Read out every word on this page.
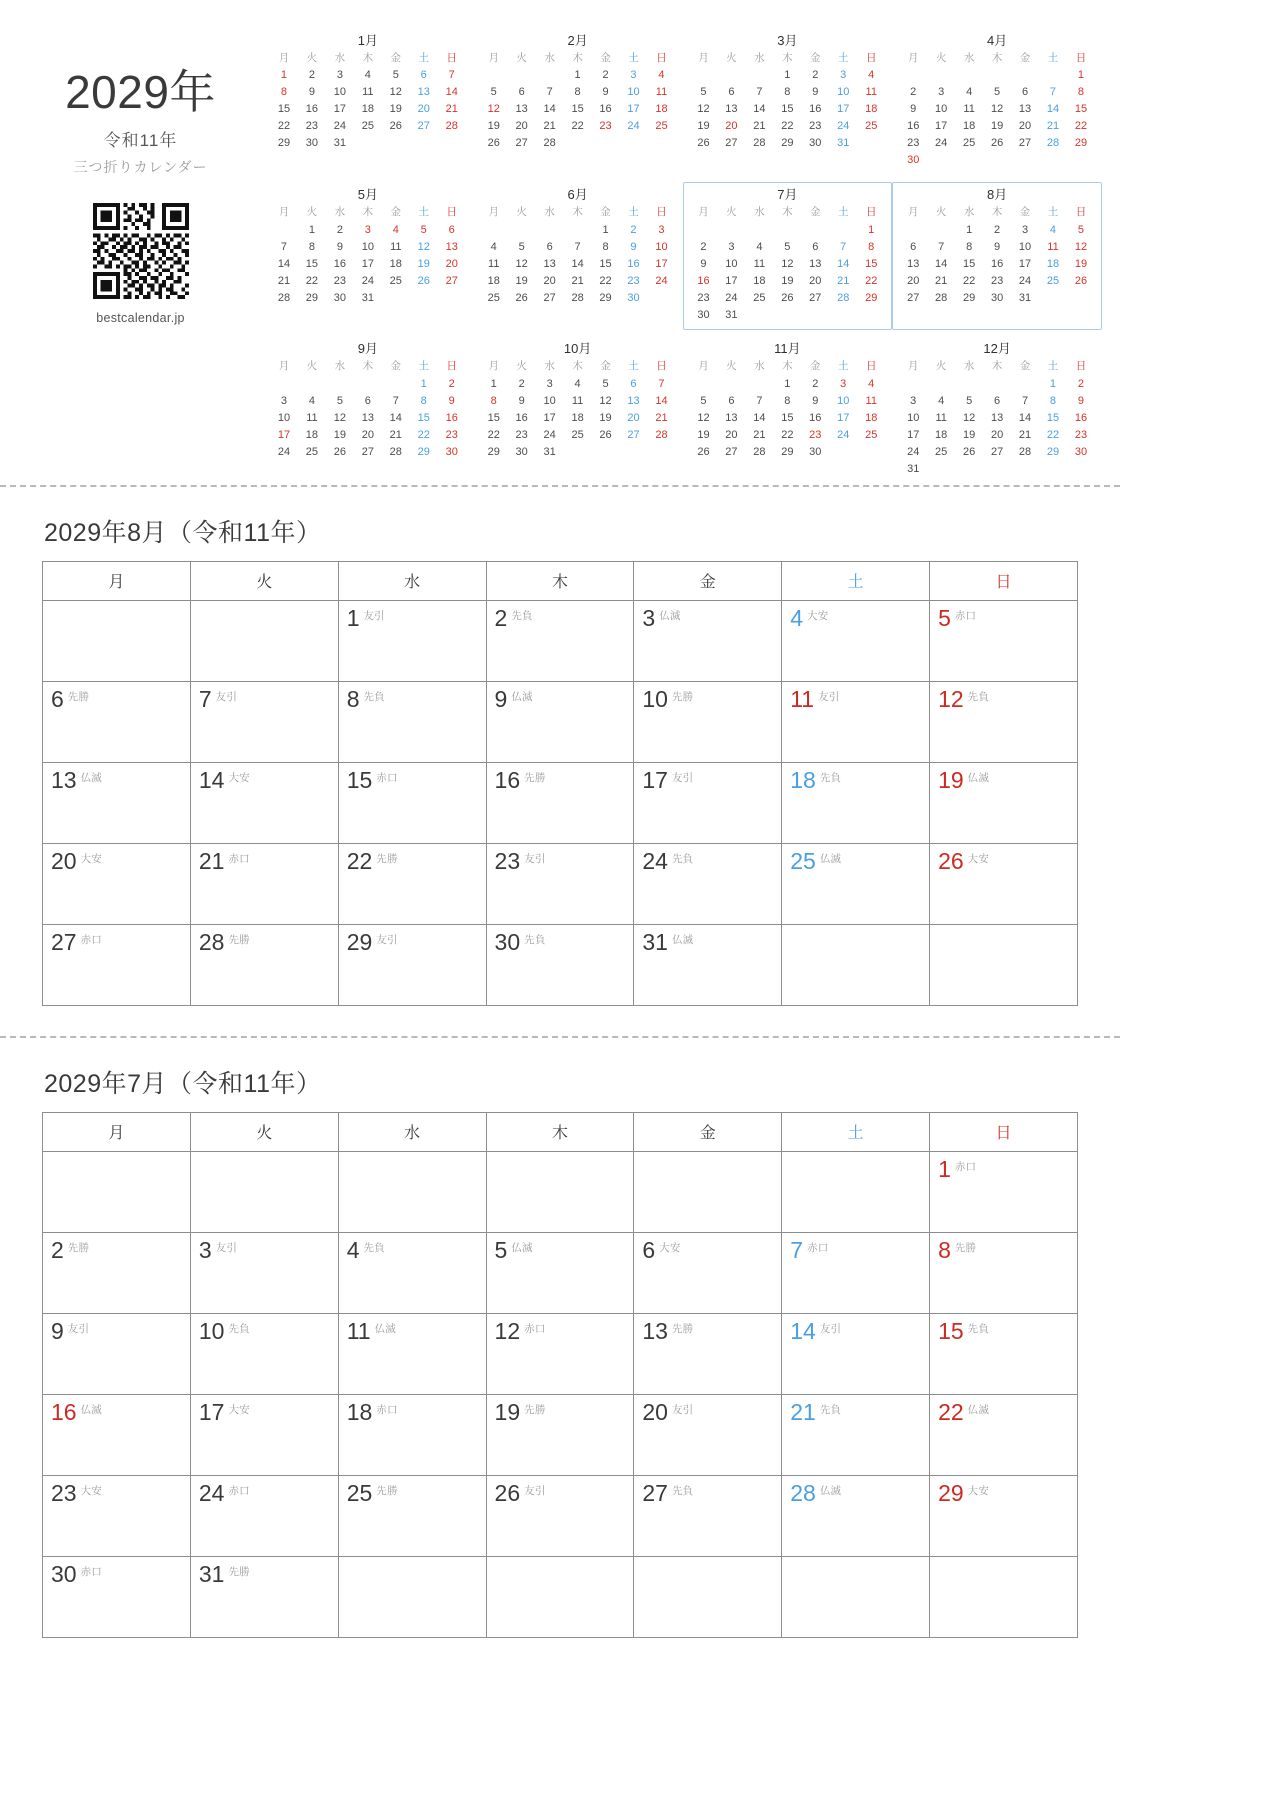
2029年
令和11年
三つ折りカレンダー
bestcalendar.jp
1月
月	火	水	木	金	土	日
1	2	3	4	5	6	7
8	9	10	11	12	13	14
15	16	17	18	19	20	21
22	23	24	25	26	27	28
29	30	31				
2月
月	火	水	木	金	土	日
			1	2	3	4
5	6	7	8	9	10	11
12	13	14	15	16	17	18
19	20	21	22	23	24	25
26	27	28				
3月
月	火	水	木	金	土	日
			1	2	3	4
5	6	7	8	9	10	11
12	13	14	15	16	17	18
19	20	21	22	23	24	25
26	27	28	29	30	31	
4月
月	火	水	木	金	土	日
						1
2	3	4	5	6	7	8
9	10	11	12	13	14	15
16	17	18	19	20	21	22
23	24	25	26	27	28	29
30						
5月
月	火	水	木	金	土	日
	1	2	3	4	5	6
7	8	9	10	11	12	13
14	15	16	17	18	19	20
21	22	23	24	25	26	27
28	29	30	31			
6月
月	火	水	木	金	土	日
				1	2	3
4	5	6	7	8	9	10
11	12	13	14	15	16	17
18	19	20	21	22	23	24
25	26	27	28	29	30	
7月
月	火	水	木	金	土	日
						1
2	3	4	5	6	7	8
9	10	11	12	13	14	15
16	17	18	19	20	21	22
23	24	25	26	27	28	29
30	31					
8月
月	火	水	木	金	土	日
		1	2	3	4	5
6	7	8	9	10	11	12
13	14	15	16	17	18	19
20	21	22	23	24	25	26
27	28	29	30	31		
9月
月	火	水	木	金	土	日
					1	2
3	4	5	6	7	8	9
10	11	12	13	14	15	16
17	18	19	20	21	22	23
24	25	26	27	28	29	30
10月
月	火	水	木	金	土	日
1	2	3	4	5	6	7
8	9	10	11	12	13	14
15	16	17	18	19	20	21
22	23	24	25	26	27	28
29	30	31				
11月
月	火	水	木	金	土	日
			1	2	3	4
5	6	7	8	9	10	11
12	13	14	15	16	17	18
19	20	21	22	23	24	25
26	27	28	29	30		
12月
月	火	水	木	金	土	日
					1	2
3	4	5	6	7	8	9
10	11	12	13	14	15	16
17	18	19	20	21	22	23
24	25	26	27	28	29	30
31						
2029年8月（令和11年）
月	火	水	木	金	土	日
		1 友引	2 先負	3 仏滅	4 大安	5 赤口
6 先勝	7 友引	8 先負	9 仏滅	10 先勝	11 友引	12 先負
13 仏滅	14 大安	15 赤口	16 先勝	17 友引	18 先負	19 仏滅
20 大安	21 赤口	22 先勝	23 友引	24 先負	25 仏滅	26 大安
27 赤口	28 先勝	29 友引	30 先負	31 仏滅		
2029年7月（令和11年）
月	火	水	木	金	土	日
						1 赤口
2 先勝	3 友引	4 先負	5 仏滅	6 大安	7 赤口	8 先勝
9 友引	10 先負	11 仏滅	12 赤口	13 先勝	14 友引	15 先負
16 仏滅	17 大安	18 赤口	19 先勝	20 友引	21 先負	22 仏滅
23 大安	24 赤口	25 先勝	26 友引	27 先負	28 仏滅	29 大安
30 赤口	31 先勝					
